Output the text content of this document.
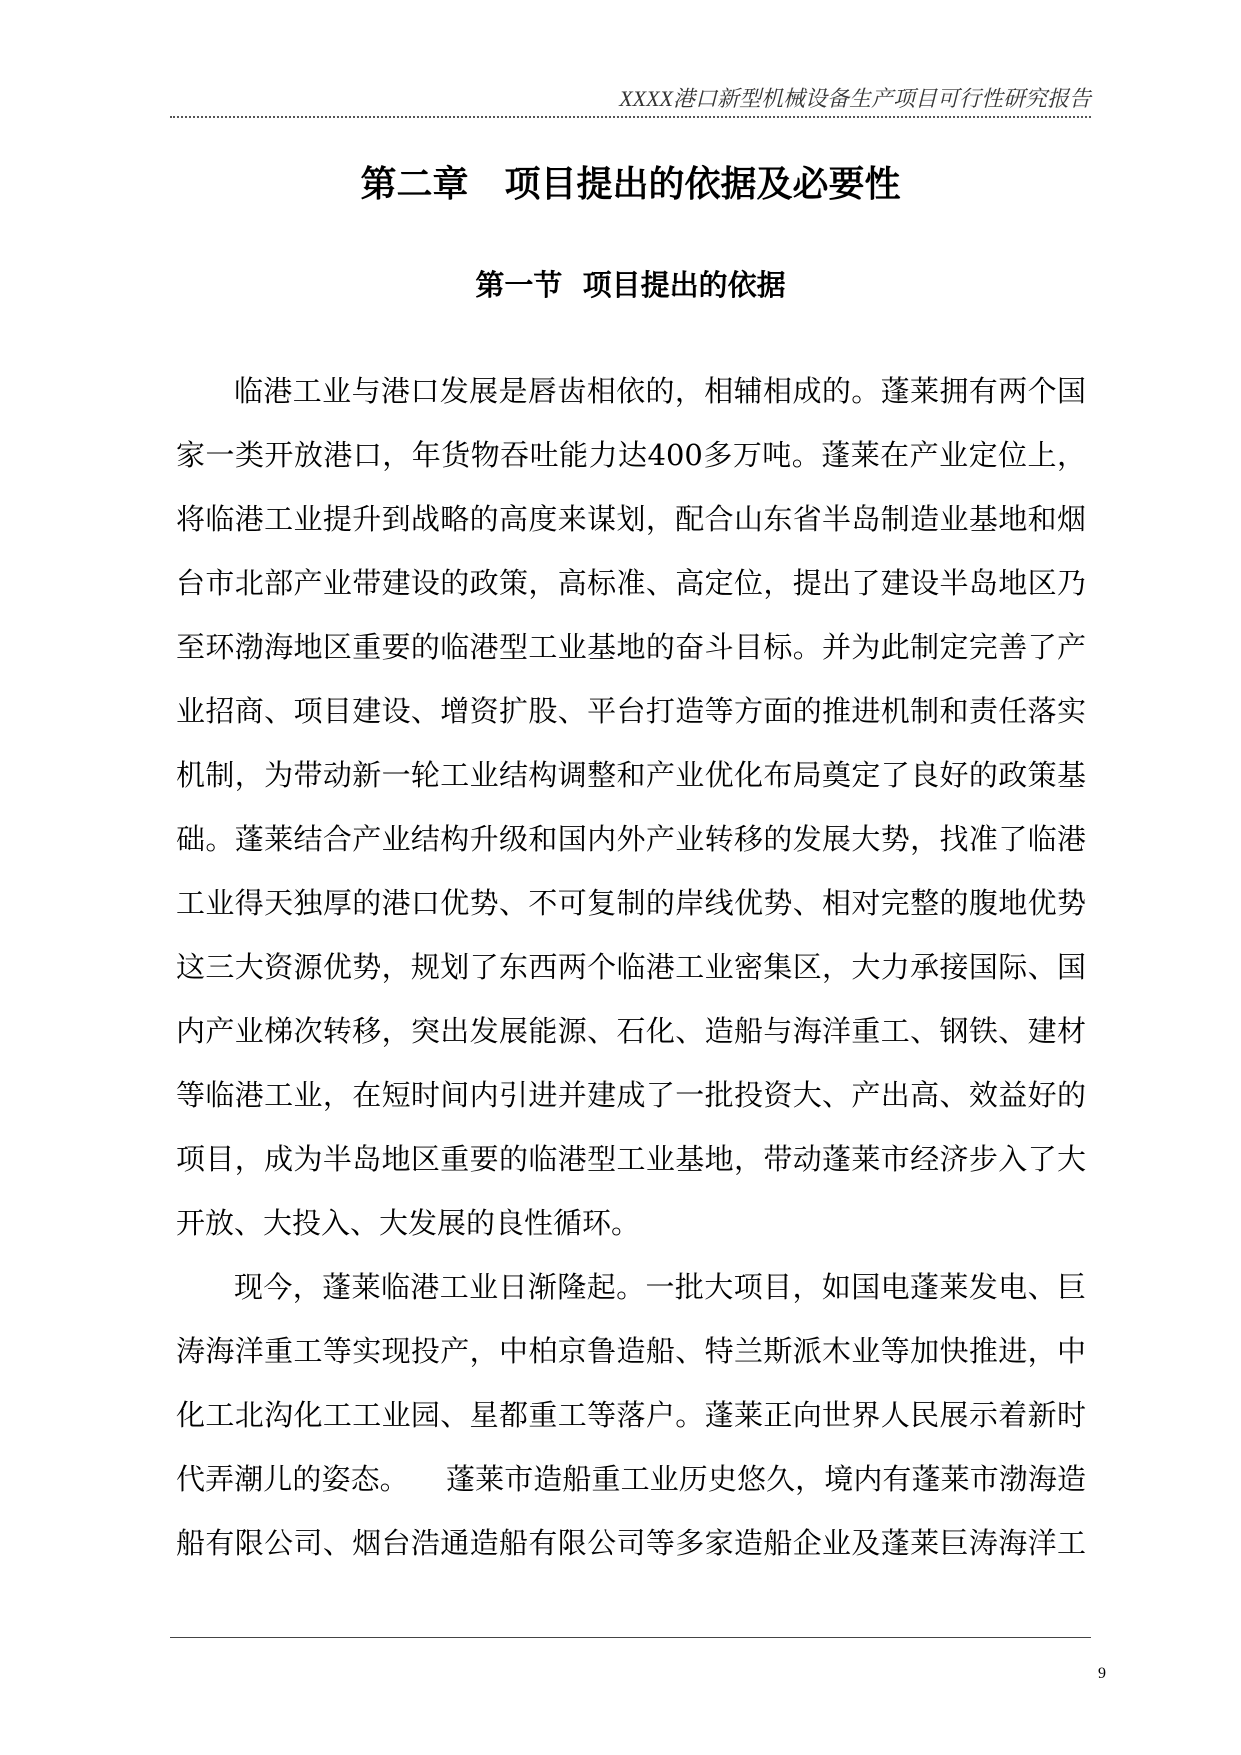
XXXX港口新型机械设备生产项目可行性研究报告
第二章　项目提出的依据及必要性
第一节  项目提出的依据
临港工业与港口发展是唇齿相依的，相辅相成的。蓬莱拥有两个国
家一类开放港口，年货物吞吐能力达400多万吨。蓬莱在产业定位上，
将临港工业提升到战略的高度来谋划，配合山东省半岛制造业基地和烟
台市北部产业带建设的政策，高标准、高定位，提出了建设半岛地区乃
至环渤海地区重要的临港型工业基地的奋斗目标。并为此制定完善了产
业招商、项目建设、增资扩股、平台打造等方面的推进机制和责任落实
机制，为带动新一轮工业结构调整和产业优化布局奠定了良好的政策基
础。蓬莱结合产业结构升级和国内外产业转移的发展大势，找准了临港
工业得天独厚的港口优势、不可复制的岸线优势、相对完整的腹地优势
这三大资源优势，规划了东西两个临港工业密集区，大力承接国际、国
内产业梯次转移，突出发展能源、石化、造船与海洋重工、钢铁、建材
等临港工业，在短时间内引进并建成了一批投资大、产出高、效益好的
项目，成为半岛地区重要的临港型工业基地，带动蓬莱市经济步入了大
开放、大投入、大发展的良性循环。
现今，蓬莱临港工业日渐隆起。一批大项目，如国电蓬莱发电、巨
涛海洋重工等实现投产，中柏京鲁造船、特兰斯派木业等加快推进，中
化工北沟化工工业园、星都重工等落户。蓬莱正向世界人民展示着新时
代弄潮儿的姿态。    蓬莱市造船重工业历史悠久，境内有蓬莱市渤海造
船有限公司、烟台浩通造船有限公司等多家造船企业及蓬莱巨涛海洋工
9
